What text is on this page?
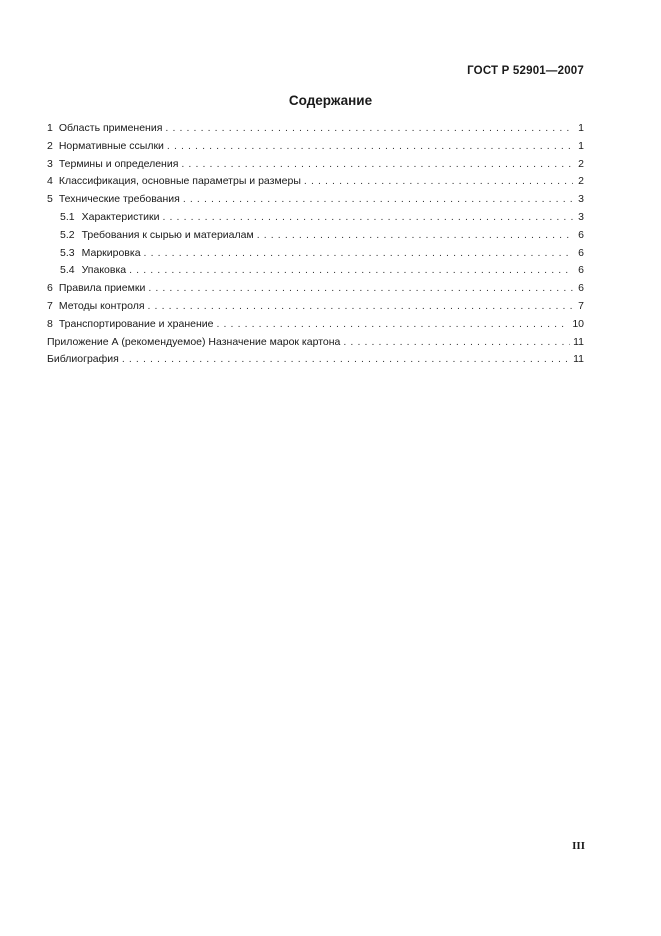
ГОСТ Р 52901—2007
Содержание
1 Область применения . . .	1
2 Нормативные ссылки . . .	1
3 Термины и определения . . .	2
4 Классификация, основные параметры и размеры . . .	2
5 Технические требования . . .	3
5.1 Характеристики . . .	3
5.2 Требования к сырью и материалам . . .	6
5.3 Маркировка . . .	6
5.4 Упаковка . . .	6
6 Правила приемки . . .	6
7 Методы контроля . . .	7
8 Транспортирование и хранение . . .	10
Приложение А (рекомендуемое) Назначение марок картона . . .	11
Библиография . . .	11
III
